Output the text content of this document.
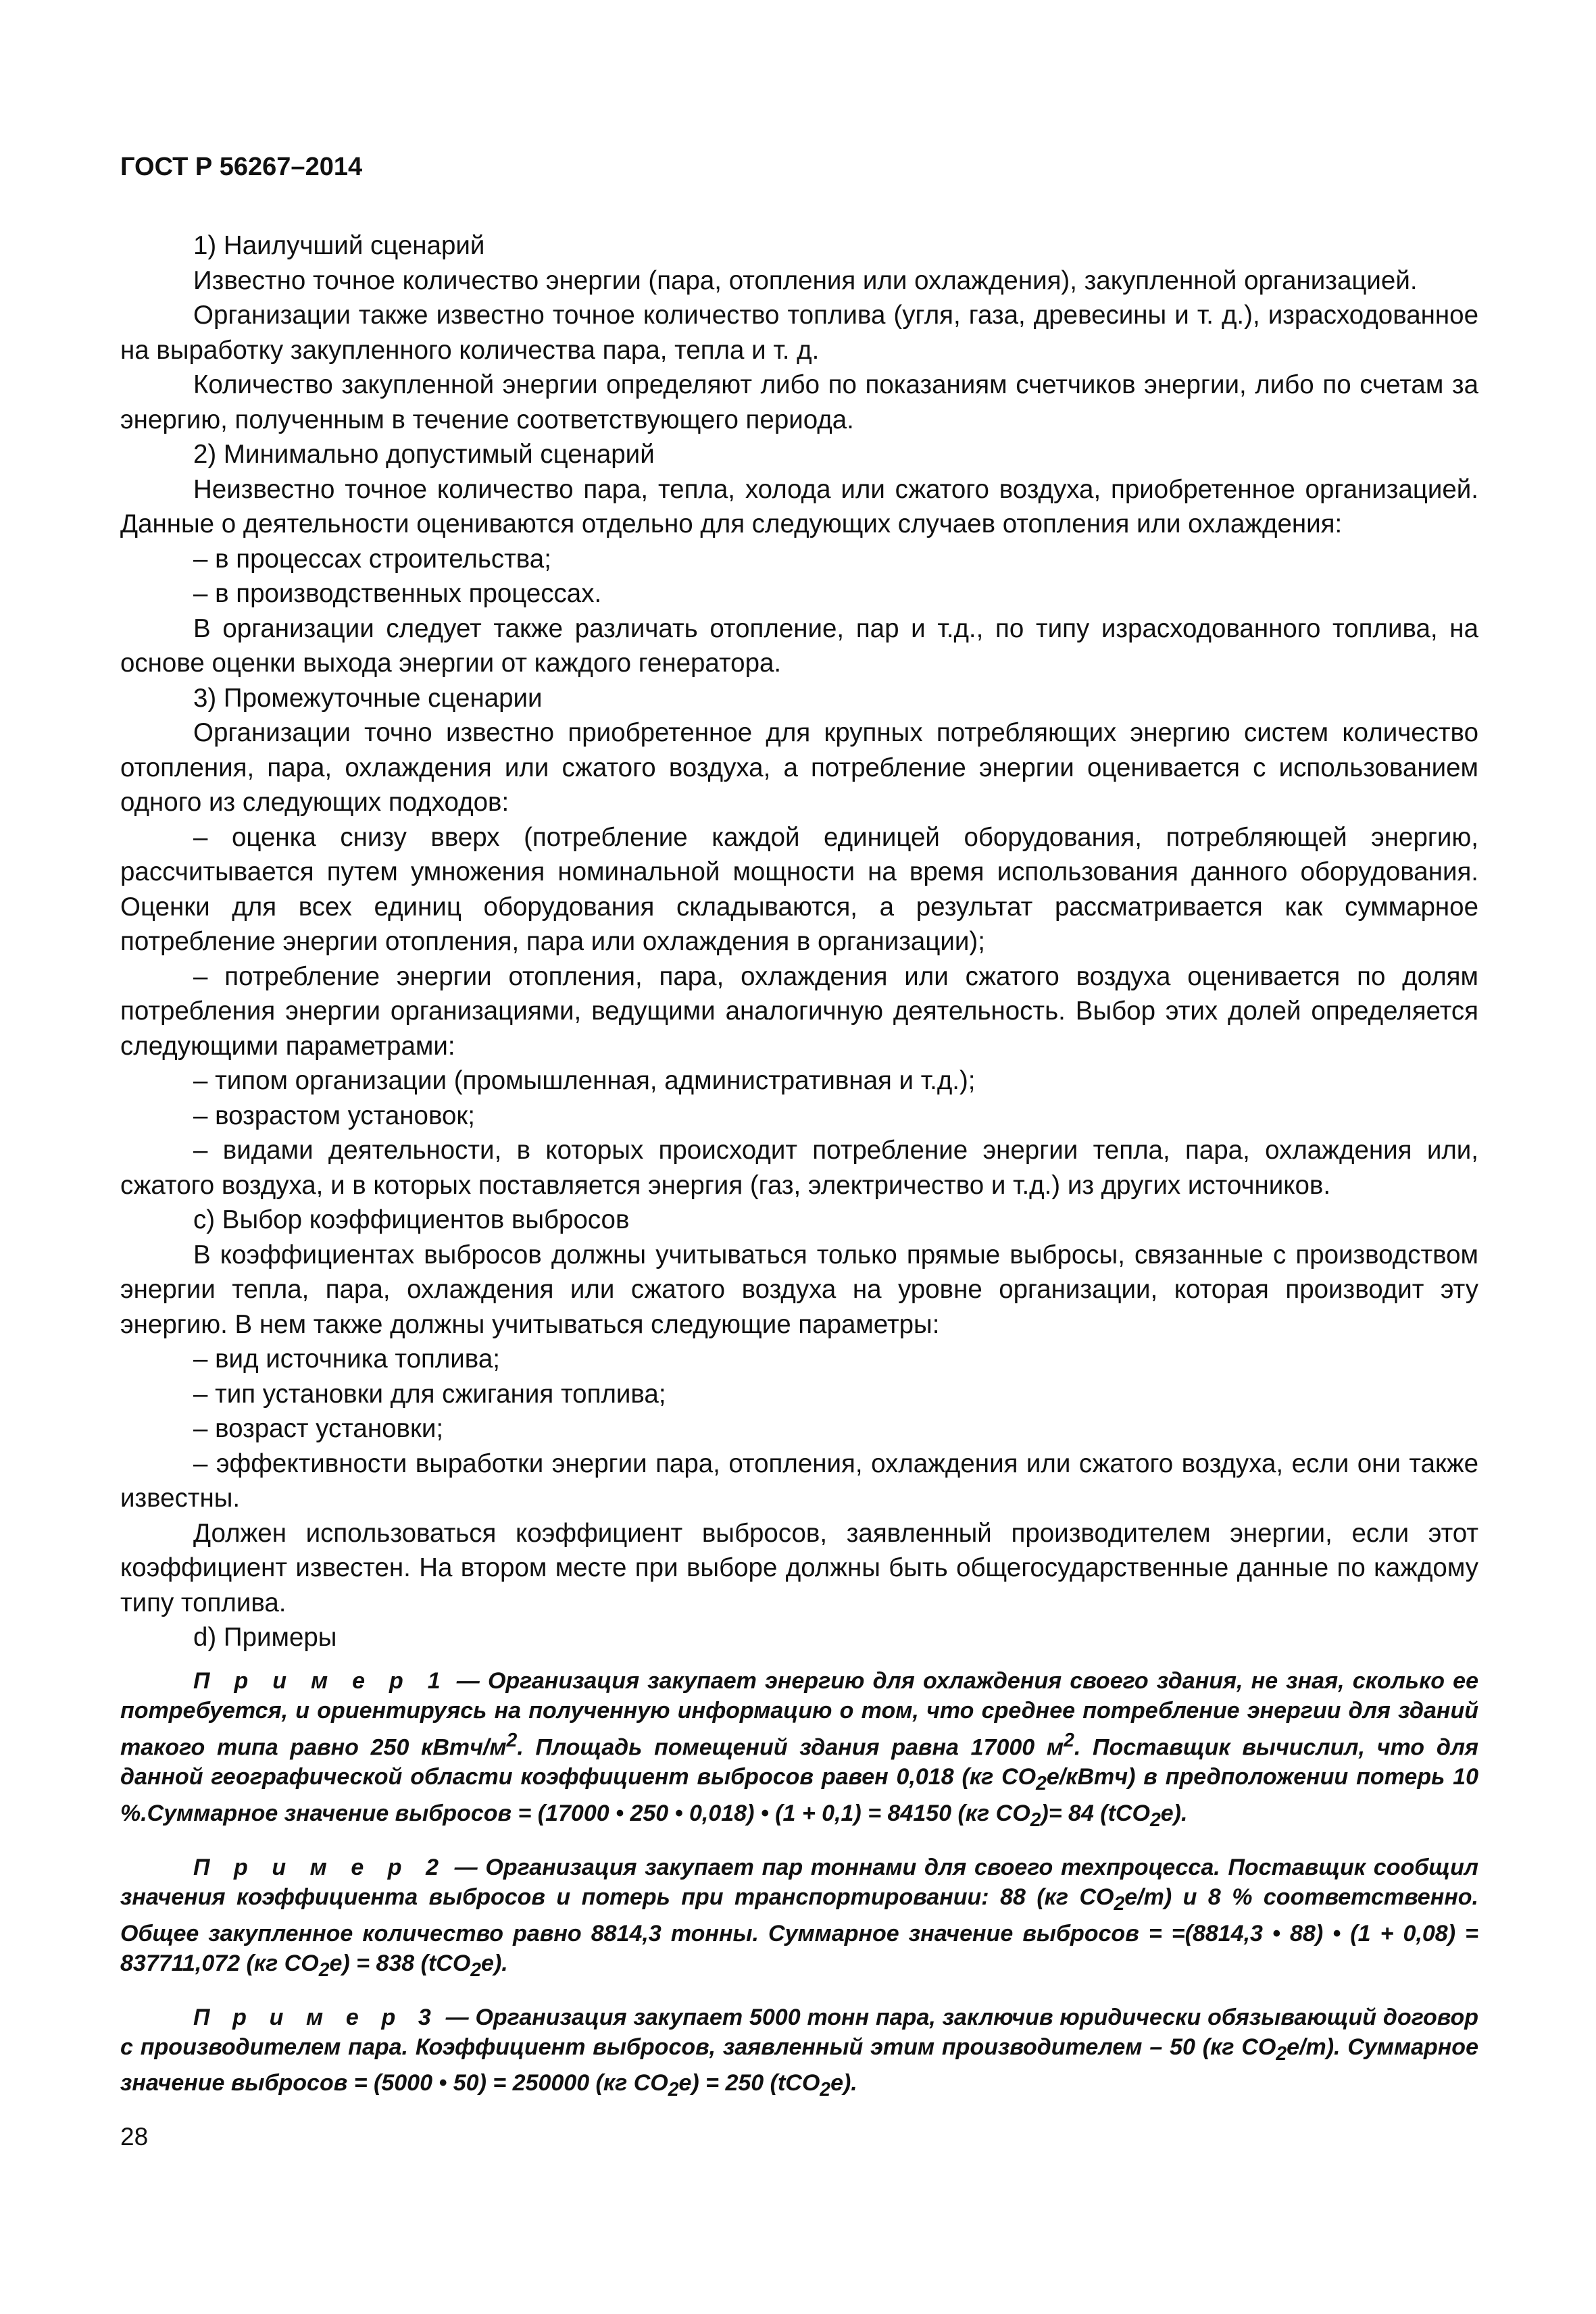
ГОСТ Р 56267–2014

1) Наилучший сценарий

Известно точное количество энергии (пара, отопления или охлаждения), закупленной организацией.

Организации также известно точное количество топлива (угля, газа, древесины и т. д.), израсходованное на выработку закупленного количества пара, тепла и т. д.

Количество закупленной энергии определяют либо по показаниям счетчиков энергии, либо по счетам за энергию, полученным в течение соответствующего периода.

2) Минимально допустимый сценарий

Неизвестно точное количество пара, тепла, холода или сжатого воздуха, приобретенное организацией. Данные о деятельности оцениваются отдельно для следующих случаев отопления или охлаждения:

– в процессах строительства;

– в производственных процессах.

В организации следует также различать отопление, пар и т.д., по типу израсходованного топлива, на основе оценки выхода энергии от каждого генератора.

3) Промежуточные сценарии

Организации точно известно приобретенное для крупных потребляющих энергию систем количество отопления, пара, охлаждения или сжатого воздуха, а потребление энергии оценивается с использованием одного из следующих подходов:

– оценка снизу вверх (потребление каждой единицей оборудования, потребляющей энергию, рассчитывается путем умножения номинальной мощности на время использования данного оборудования. Оценки для всех единиц оборудования складываются, а результат рассматривается как суммарное потребление энергии отопления, пара или охлаждения в организации);

– потребление энергии отопления, пара, охлаждения или сжатого воздуха оценивается по долям потребления энергии организациями, ведущими аналогичную деятельность. Выбор этих долей определяется следующими параметрами:

– типом организации (промышленная, административная и т.д.);

– возрастом установок;

– видами деятельности, в которых происходит потребление энергии тепла, пара, охлаждения или, сжатого воздуха, и в которых поставляется энергия (газ, электричество и т.д.) из других источников.

c) Выбор коэффициентов выбросов

В коэффициентах выбросов должны учитываться только прямые выбросы, связанные с производством энергии тепла, пара, охлаждения или сжатого воздуха на уровне организации, которая производит эту энергию. В нем также должны учитываться следующие параметры:

– вид источника топлива;

– тип установки для сжигания топлива;

– возраст установки;

– эффективности выработки энергии пара, отопления, охлаждения или сжатого воздуха, если они также известны.

Должен использоваться коэффициент выбросов, заявленный производителем энергии, если этот коэффициент известен. На втором месте при выборе должны быть общегосударственные данные по каждому типу топлива.

d) Примеры

П р и м е р 1 — Организация закупает энергию для охлаждения своего здания, не зная, сколько ее потребуется, и ориентируясь на полученную информацию о том, что среднее потребление энергии для зданий такого типа равно 250 кВтч/$м^2$. Площадь помещений здания равна 17000 $м^2$. Поставщик вычислил, что для данной географической области коэффициент выбросов равен 0,018 (кг $CO_2е/кВтч$) в предположении потерь 10 %.Суммарное значение выбросов = (17000 • 250 • 0,018) • (1 + 0,1) = 84150 (кг $CO_2)= 84$ (tCO$_2$e).

П р и м е р 2 — Организация закупает пар тоннами для своего техпроцесса. Поставщик сообщил значения коэффициента выбросов и потерь при транспортировании: 88 (кг $CO_2е/т$) и 8 % соответственно. Общее закупленное количество равно 8814,3 тонны. Суммарное значение выбросов = =(8814,3 • 88) • (1 + 0,08) = 837711,072 (кг $CO_2е) = 838$ (tCO$_2$e).

П р и м е р 3 — Организация закупает 5000 тонн пара, заключив юридически обязывающий договор с производителем пара. Коэффициент выбросов, заявленный этим производителем – 50 (кг $CO_2е/т$). Суммарное значение выбросов = (5000 • 50) = 250000 (кг $CO_2e) = 250$ (tCO$_2$e).

28
